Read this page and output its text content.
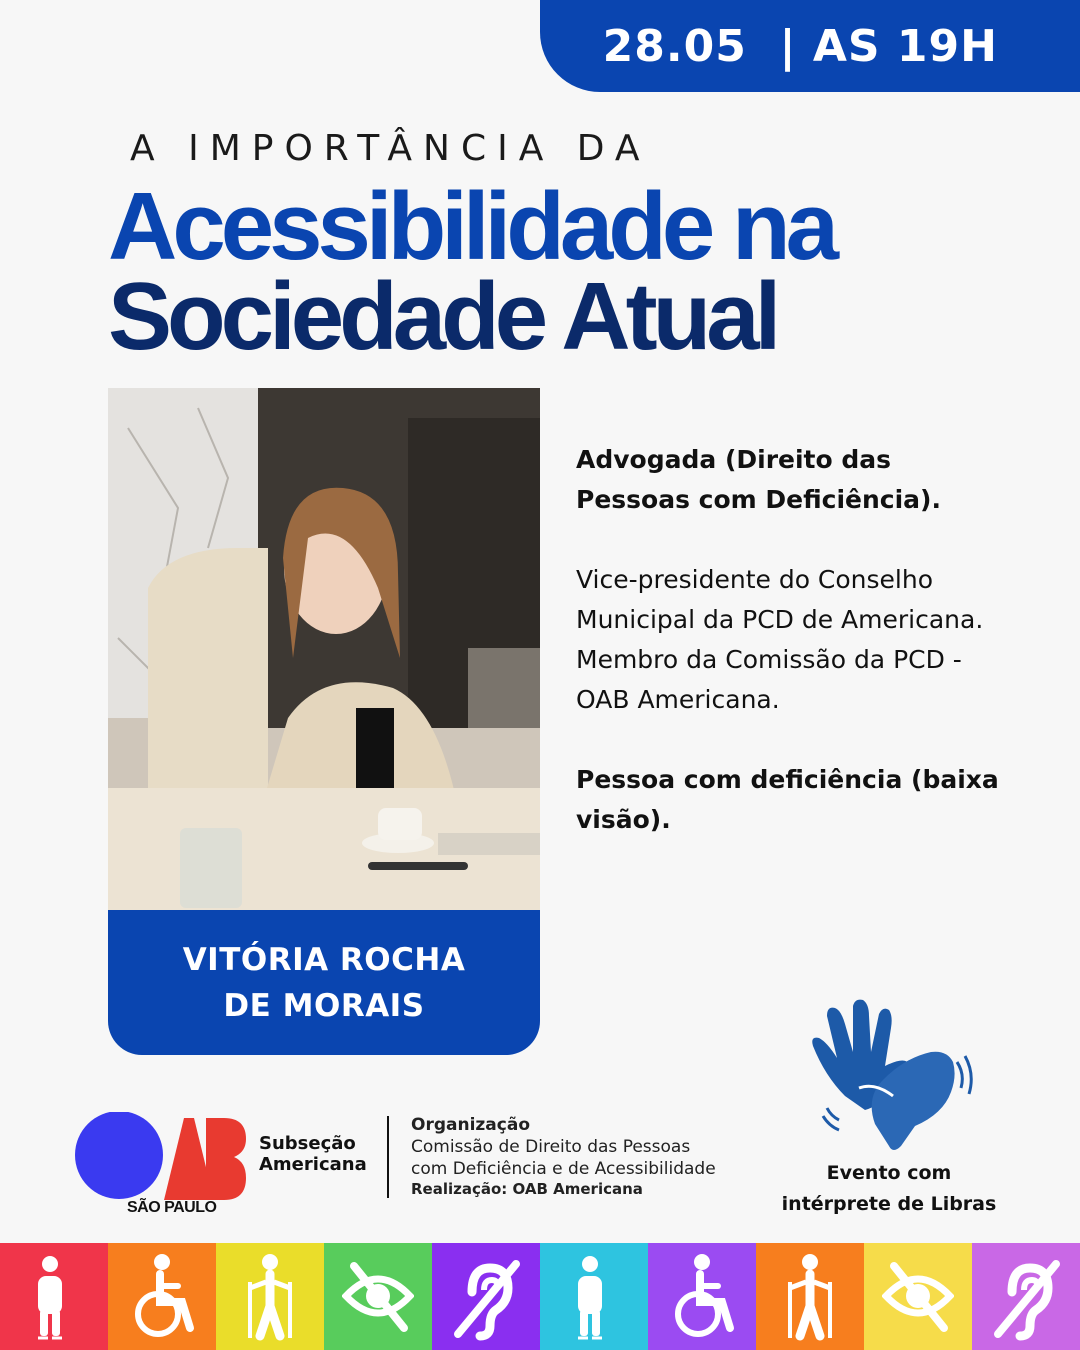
28.05 | AS 19H
A IMPORTÂNCIA DA
Acessibilidade na
Sociedade Atual
VITÓRIA ROCHA
DE MORAIS

Advogada (Direito das Pessoas com Deficiência).

Vice-presidente do Conselho Municipal da PCD de Americana. Membro da Comissão da PCD - OAB Americana.

Pessoa com deficiência (baixa visão).

SÃO PAULO
Subseção
Americana
Organização
Comissão de Direito das Pessoas
com Deficiência e de Acessibilidade
Realização: OAB Americana
Evento com
intérprete de Libras
